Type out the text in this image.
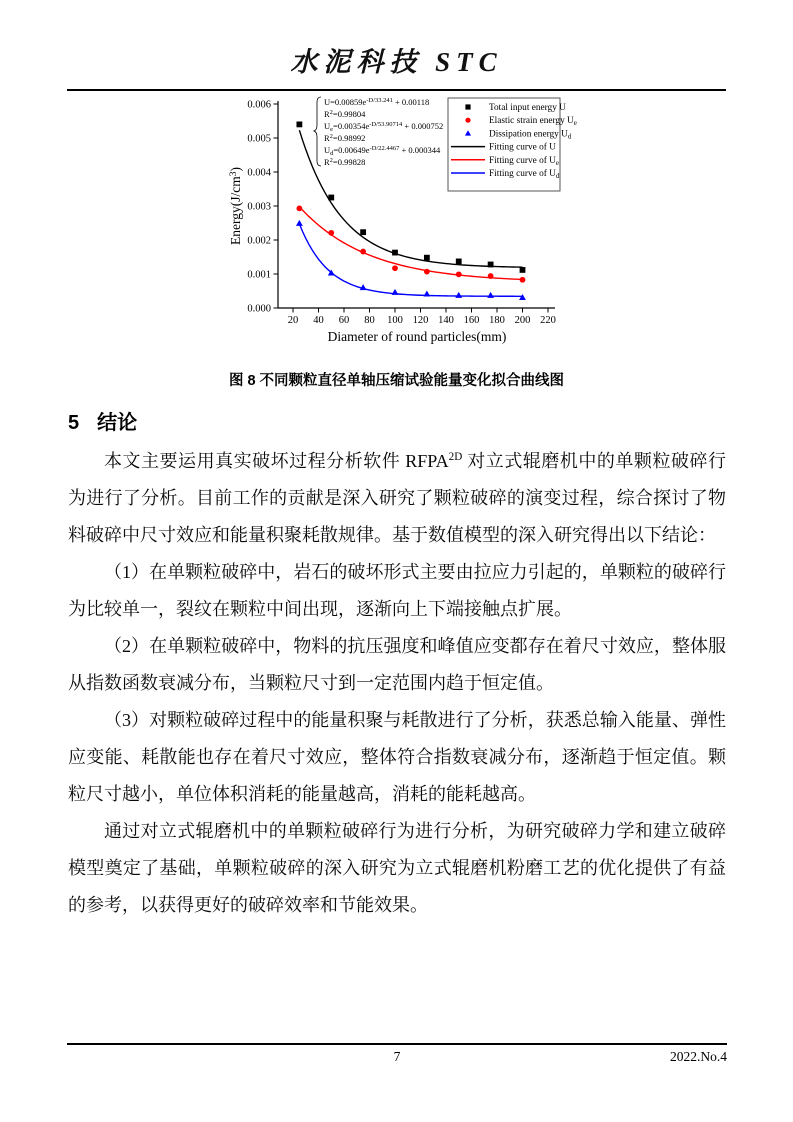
水泥科技 STC
20 40 60 80 100 120 140 160 180 200 220
0.000
0.001
0.002
0.003
0.004
0.005
0.006
Diameter of round particles(mm)
$Energy(J/cm^3)$
$U=0.00859e^{-D/33.241} + 0.00118$
$R^2=0.99804$
$U_e=0.00354e^{-D/53.90714} + 0.000752$
$R^2=0.98992$
$U_d=0.00649e^{-D/22.4467} + 0.000344$
$R^2=0.99828$
Total input energy U
Elastic strain energy $U_e$
Dissipation energy $U_d$
Fitting curve of U
Fitting curve of $U_e$
Fitting curve of $U_d$
图 8 不同颗粒直径单轴压缩试验能量变化拟合曲线图
5 结论

本文主要运用真实破坏过程分析软件 $RFPA^{2D}$ 对立式辊磨机中的单颗粒破碎行为进行了分析。目前工作的贡献是深入研究了颗粒破碎的演变过程，综合探讨了物料破碎中尺寸效应和能量积聚耗散规律。基于数值模型的深入研究得出以下结论：

（1）在单颗粒破碎中，岩石的破坏形式主要由拉应力引起的，单颗粒的破碎行为比较单一，裂纹在颗粒中间出现，逐渐向上下端接触点扩展。

（2）在单颗粒破碎中，物料的抗压强度和峰值应变都存在着尺寸效应，整体服从指数函数衰减分布，当颗粒尺寸到一定范围内趋于恒定值。

（3）对颗粒破碎过程中的能量积聚与耗散进行了分析，获悉总输入能量、弹性应变能、耗散能也存在着尺寸效应，整体符合指数衰减分布，逐渐趋于恒定值。颗粒尺寸越小，单位体积消耗的能量越高，消耗的能耗越高。

通过对立式辊磨机中的单颗粒破碎行为进行分析，为研究破碎力学和建立破碎模型奠定了基础，单颗粒破碎的深入研究为立式辊磨机粉磨工艺的优化提供了有益的参考，以获得更好的破碎效率和节能效果。

7	2022.No.4
